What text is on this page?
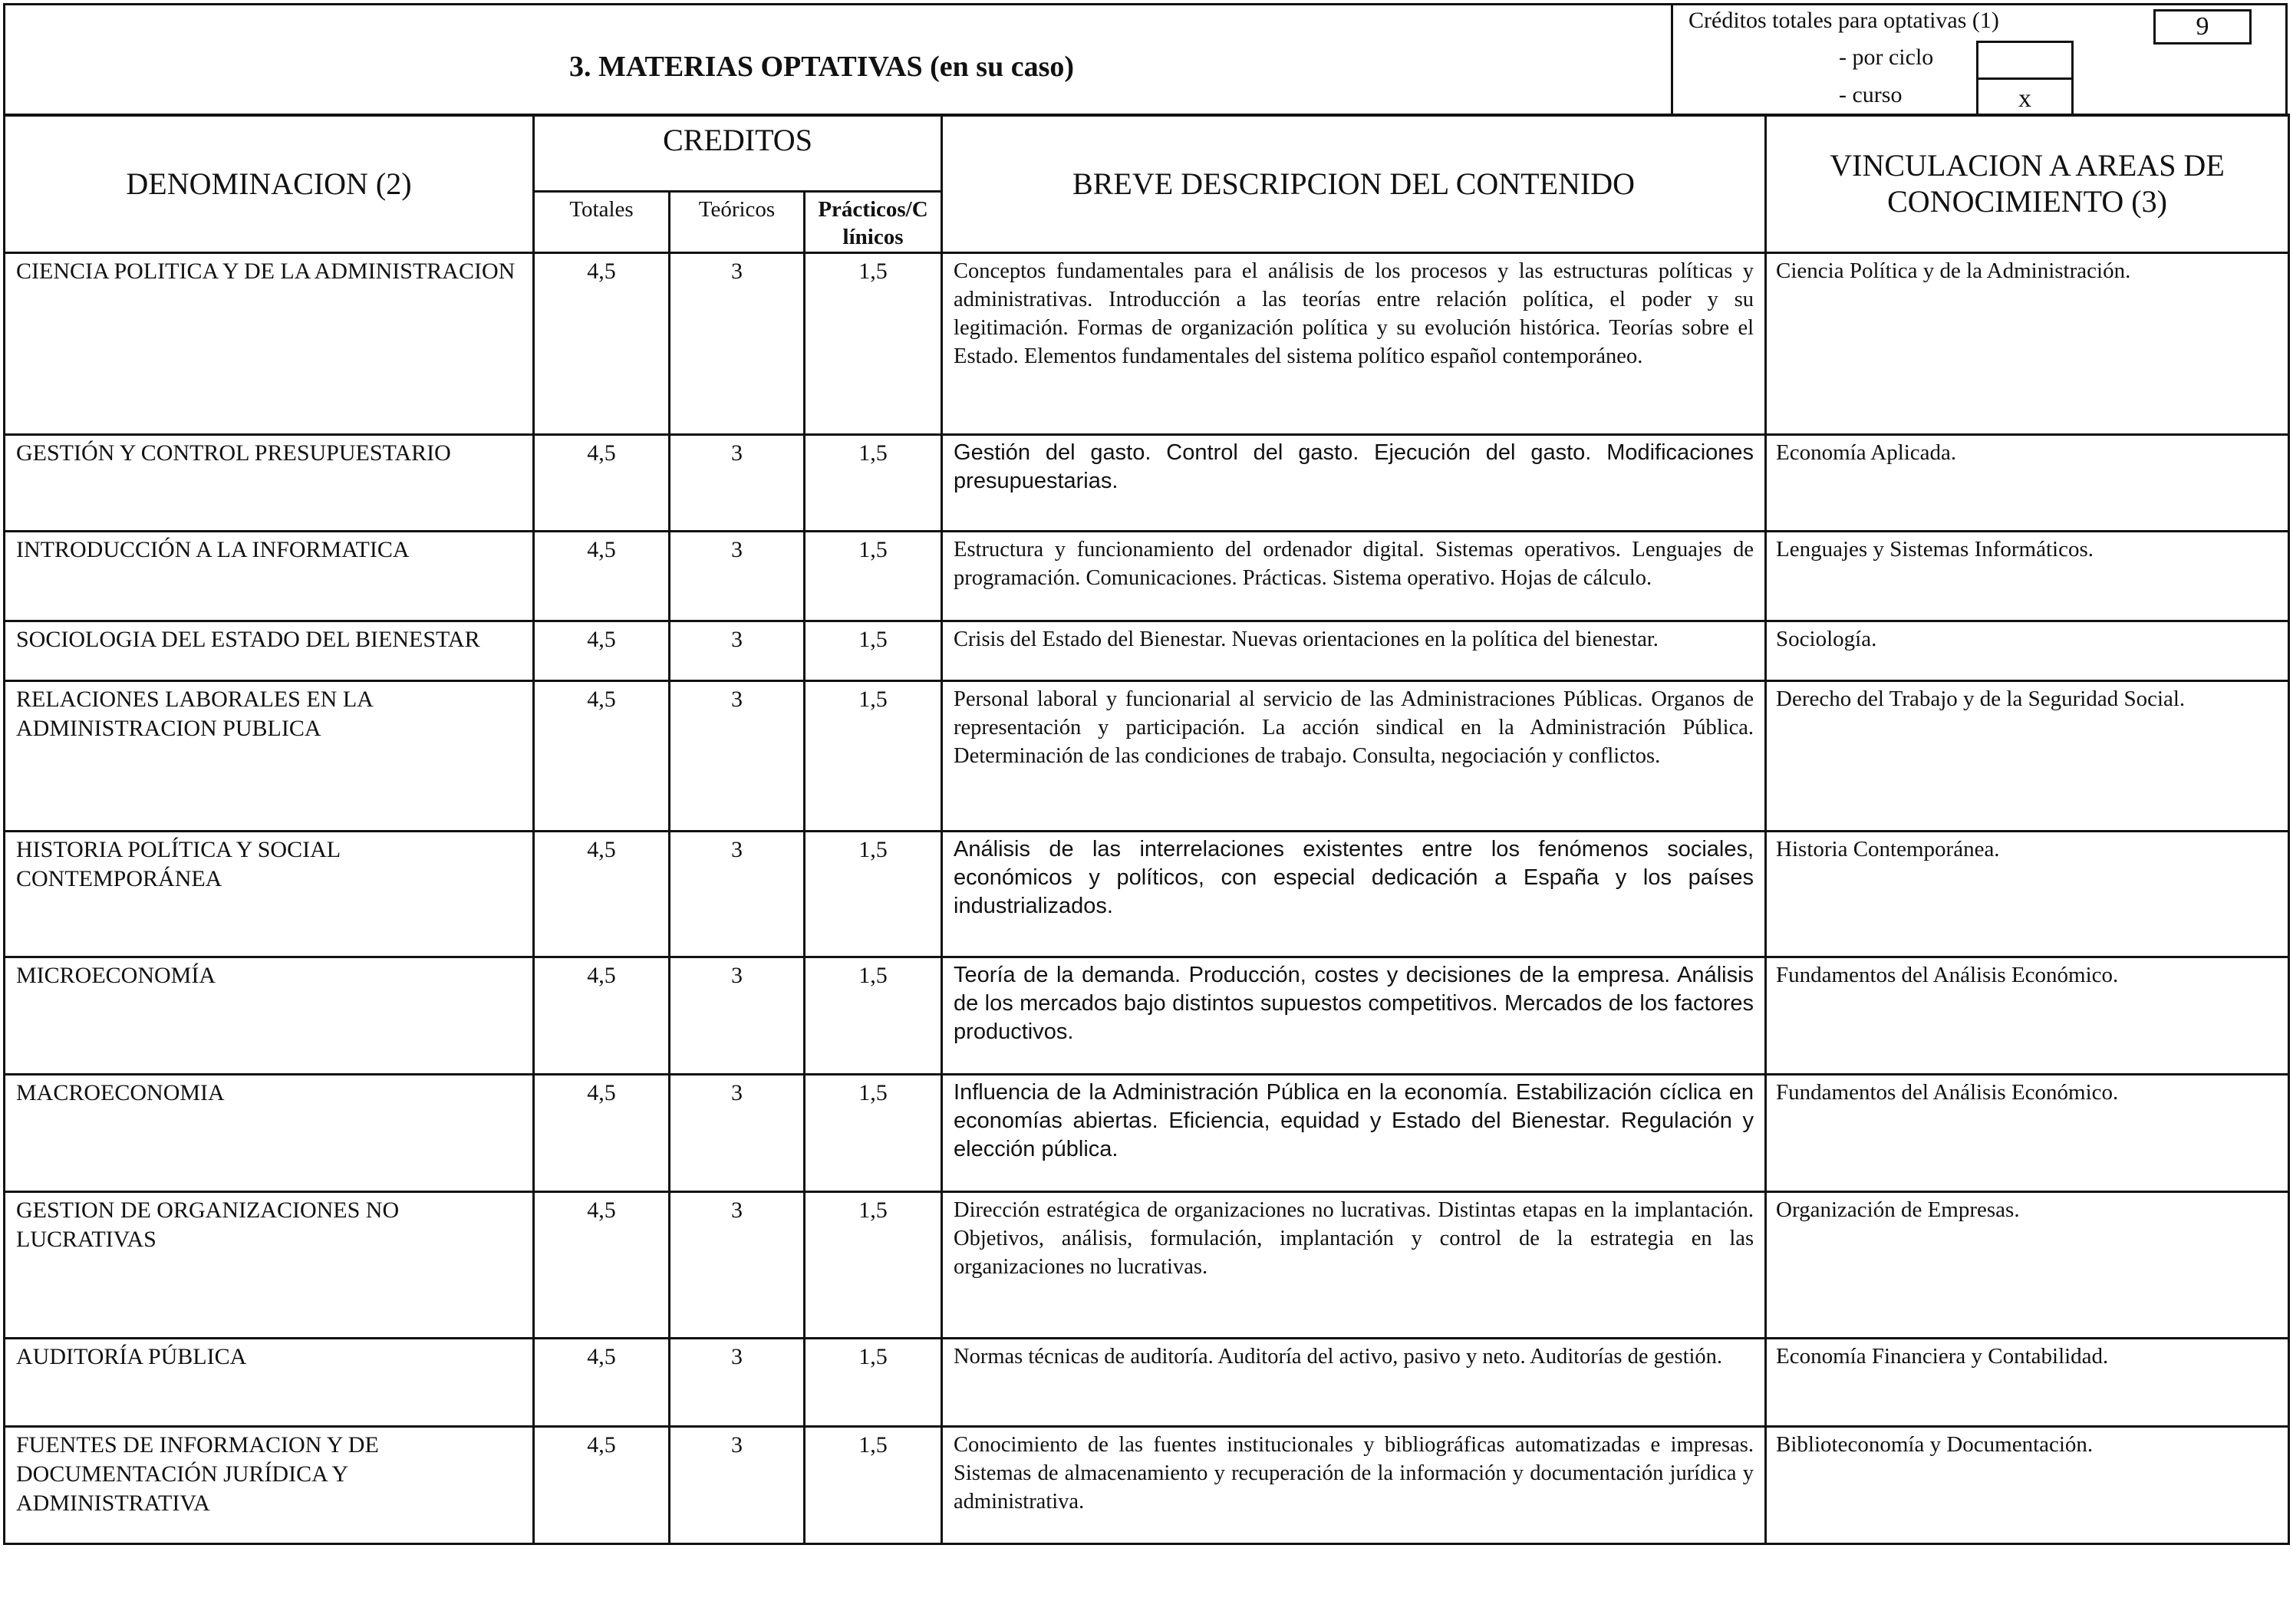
3. MATERIAS OPTATIVAS (en su caso)
Créditos totales para optativas (1)	9
- por ciclo
- curso	x
DENOMINACION (2)	CREDITOS			BREVE DESCRIPCION DEL CONTENIDO	VINCULACION A AREAS DE CONOCIMIENTO (3)
	Totales	Teóricos	Prácticos/C línicos		
CIENCIA POLITICA Y DE LA ADMINISTRACION	4,5	3	1,5	Conceptos fundamentales para el análisis de los procesos y las estructuras políticas y administrativas. Introducción a las teorías entre relación política, el poder y su legitimación. Formas de organización política y su evolución histórica. Teorías sobre el Estado. Elementos fundamentales del sistema político español contemporáneo.	Ciencia Política y de la Administración.
GESTIÓN Y CONTROL PRESUPUESTARIO	4,5	3	1,5	Gestión del gasto. Control del gasto. Ejecución del gasto. Modificaciones presupuestarias.	Economía Aplicada.
INTRODUCCIÓN A LA INFORMATICA	4,5	3	1,5	Estructura y funcionamiento del ordenador digital. Sistemas operativos. Lenguajes de programación. Comunicaciones. Prácticas. Sistema operativo. Hojas de cálculo.	Lenguajes y Sistemas Informáticos.
SOCIOLOGIA DEL ESTADO DEL BIENESTAR	4,5	3	1,5	Crisis del Estado del Bienestar. Nuevas orientaciones en la política del bienestar.	Sociología.
RELACIONES LABORALES EN LA ADMINISTRACION PUBLICA	4,5	3	1,5	Personal laboral y funcionarial al servicio de las Administraciones Públicas. Organos de representación y participación. La acción sindical en la Administración Pública. Determinación de las condiciones de trabajo. Consulta, negociación y conflictos.	Derecho del Trabajo y de la Seguridad Social.
HISTORIA POLÍTICA Y SOCIAL CONTEMPORÁNEA	4,5	3	1,5	Análisis de las interrelaciones existentes entre los fenómenos sociales, económicos y políticos, con especial dedicación a España y los países industrializados.	Historia Contemporánea.
MICROECONOMÍA	4,5	3	1,5	Teoría de la demanda. Producción, costes y decisiones de la empresa. Análisis de los mercados bajo distintos supuestos competitivos. Mercados de los factores productivos.	Fundamentos del Análisis Económico.
MACROECONOMIA	4,5	3	1,5	Influencia de la Administración Pública en la economía. Estabilización cíclica en economías abiertas. Eficiencia, equidad y Estado del Bienestar. Regulación y elección pública.	Fundamentos del Análisis Económico.
GESTION DE ORGANIZACIONES NO LUCRATIVAS	4,5	3	1,5	Dirección estratégica de organizaciones no lucrativas. Distintas etapas en la implantación. Objetivos, análisis, formulación, implantación y control de la estrategia en las organizaciones no lucrativas.	Organización de Empresas.
AUDITORÍA PÚBLICA	4,5	3	1,5	Normas técnicas de auditoría. Auditoría del activo, pasivo y neto. Auditorías de gestión.	Economía Financiera y Contabilidad.
FUENTES DE INFORMACION Y DE DOCUMENTACIÓN JURÍDICA Y ADMINISTRATIVA	4,5	3	1,5	Conocimiento de las fuentes institucionales y bibliográficas automatizadas e impresas. Sistemas de almacenamiento y recuperación de la información y documentación jurídica y administrativa.	Biblioteconomía y Documentación.
